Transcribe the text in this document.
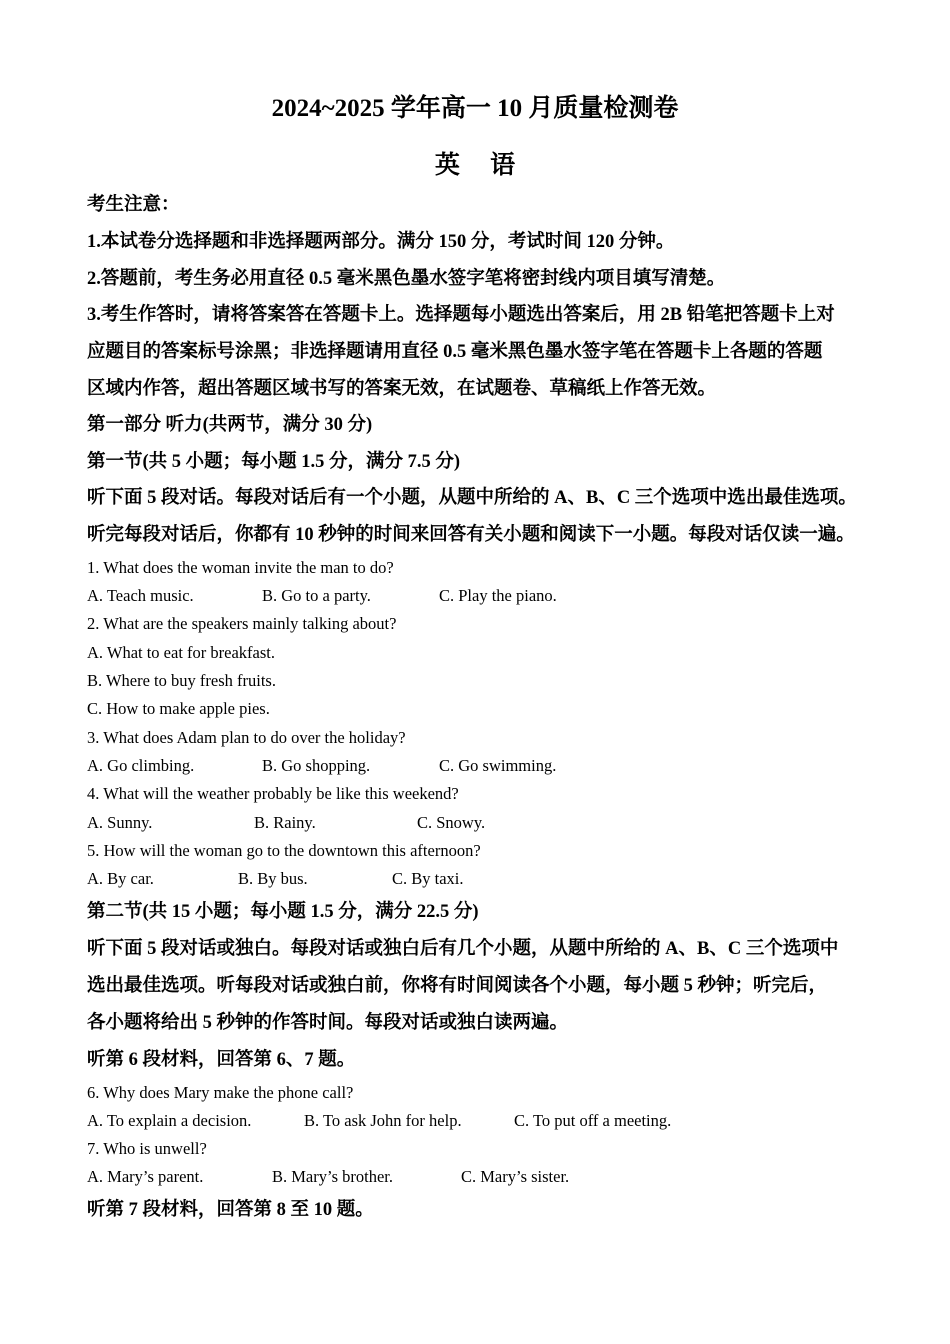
2024~2025 学年高一 10 月质量检测卷
英 语
考生注意：
1.本试卷分选择题和非选择题两部分。满分 150 分，考试时间 120 分钟。
2.答题前，考生务必用直径 0.5 毫米黑色墨水签字笔将密封线内项目填写清楚。
3.考生作答时，请将答案答在答题卡上。选择题每小题选出答案后，用 2B 铅笔把答题卡上对
应题目的答案标号涂黑；非选择题请用直径 0.5 毫米黑色墨水签字笔在答题卡上各题的答题
区域内作答，超出答题区域书写的答案无效，在试题卷、草稿纸上作答无效。
第一部分 听力(共两节，满分 30 分)
第一节(共 5 小题；每小题 1.5 分，满分 7.5 分)
听下面 5 段对话。每段对话后有一个小题，从题中所给的 A、B、C 三个选项中选出最佳选项。
听完每段对话后，你都有 10 秒钟的时间来回答有关小题和阅读下一小题。每段对话仅读一遍。
1. What does the woman invite the man to do?
A. Teach music.	B. Go to a party.	C. Play the piano.
2. What are the speakers mainly talking about?
A. What to eat for breakfast.
B. Where to buy fresh fruits.
C. How to make apple pies.
3. What does Adam plan to do over the holiday?
A. Go climbing.	B. Go shopping.	C. Go swimming.
4. What will the weather probably be like this weekend?
A. Sunny.	B. Rainy.	C. Snowy.
5. How will the woman go to the downtown this afternoon?
A. By car.	B. By bus.	C. By taxi.
第二节(共 15 小题；每小题 1.5 分，满分 22.5 分)
听下面 5 段对话或独白。每段对话或独白后有几个小题，从题中所给的 A、B、C 三个选项中
选出最佳选项。听每段对话或独白前，你将有时间阅读各个小题，每小题 5 秒钟；听完后，
各小题将给出 5 秒钟的作答时间。每段对话或独白读两遍。
听第 6 段材料，回答第 6、7 题。
6. Why does Mary make the phone call?
A. To explain a decision.	B. To ask John for help.	C. To put off a meeting.
7. Who is unwell?
A. Mary’s parent.	B. Mary’s brother.	C. Mary’s sister.
听第 7 段材料，回答第 8 至 10 题。
